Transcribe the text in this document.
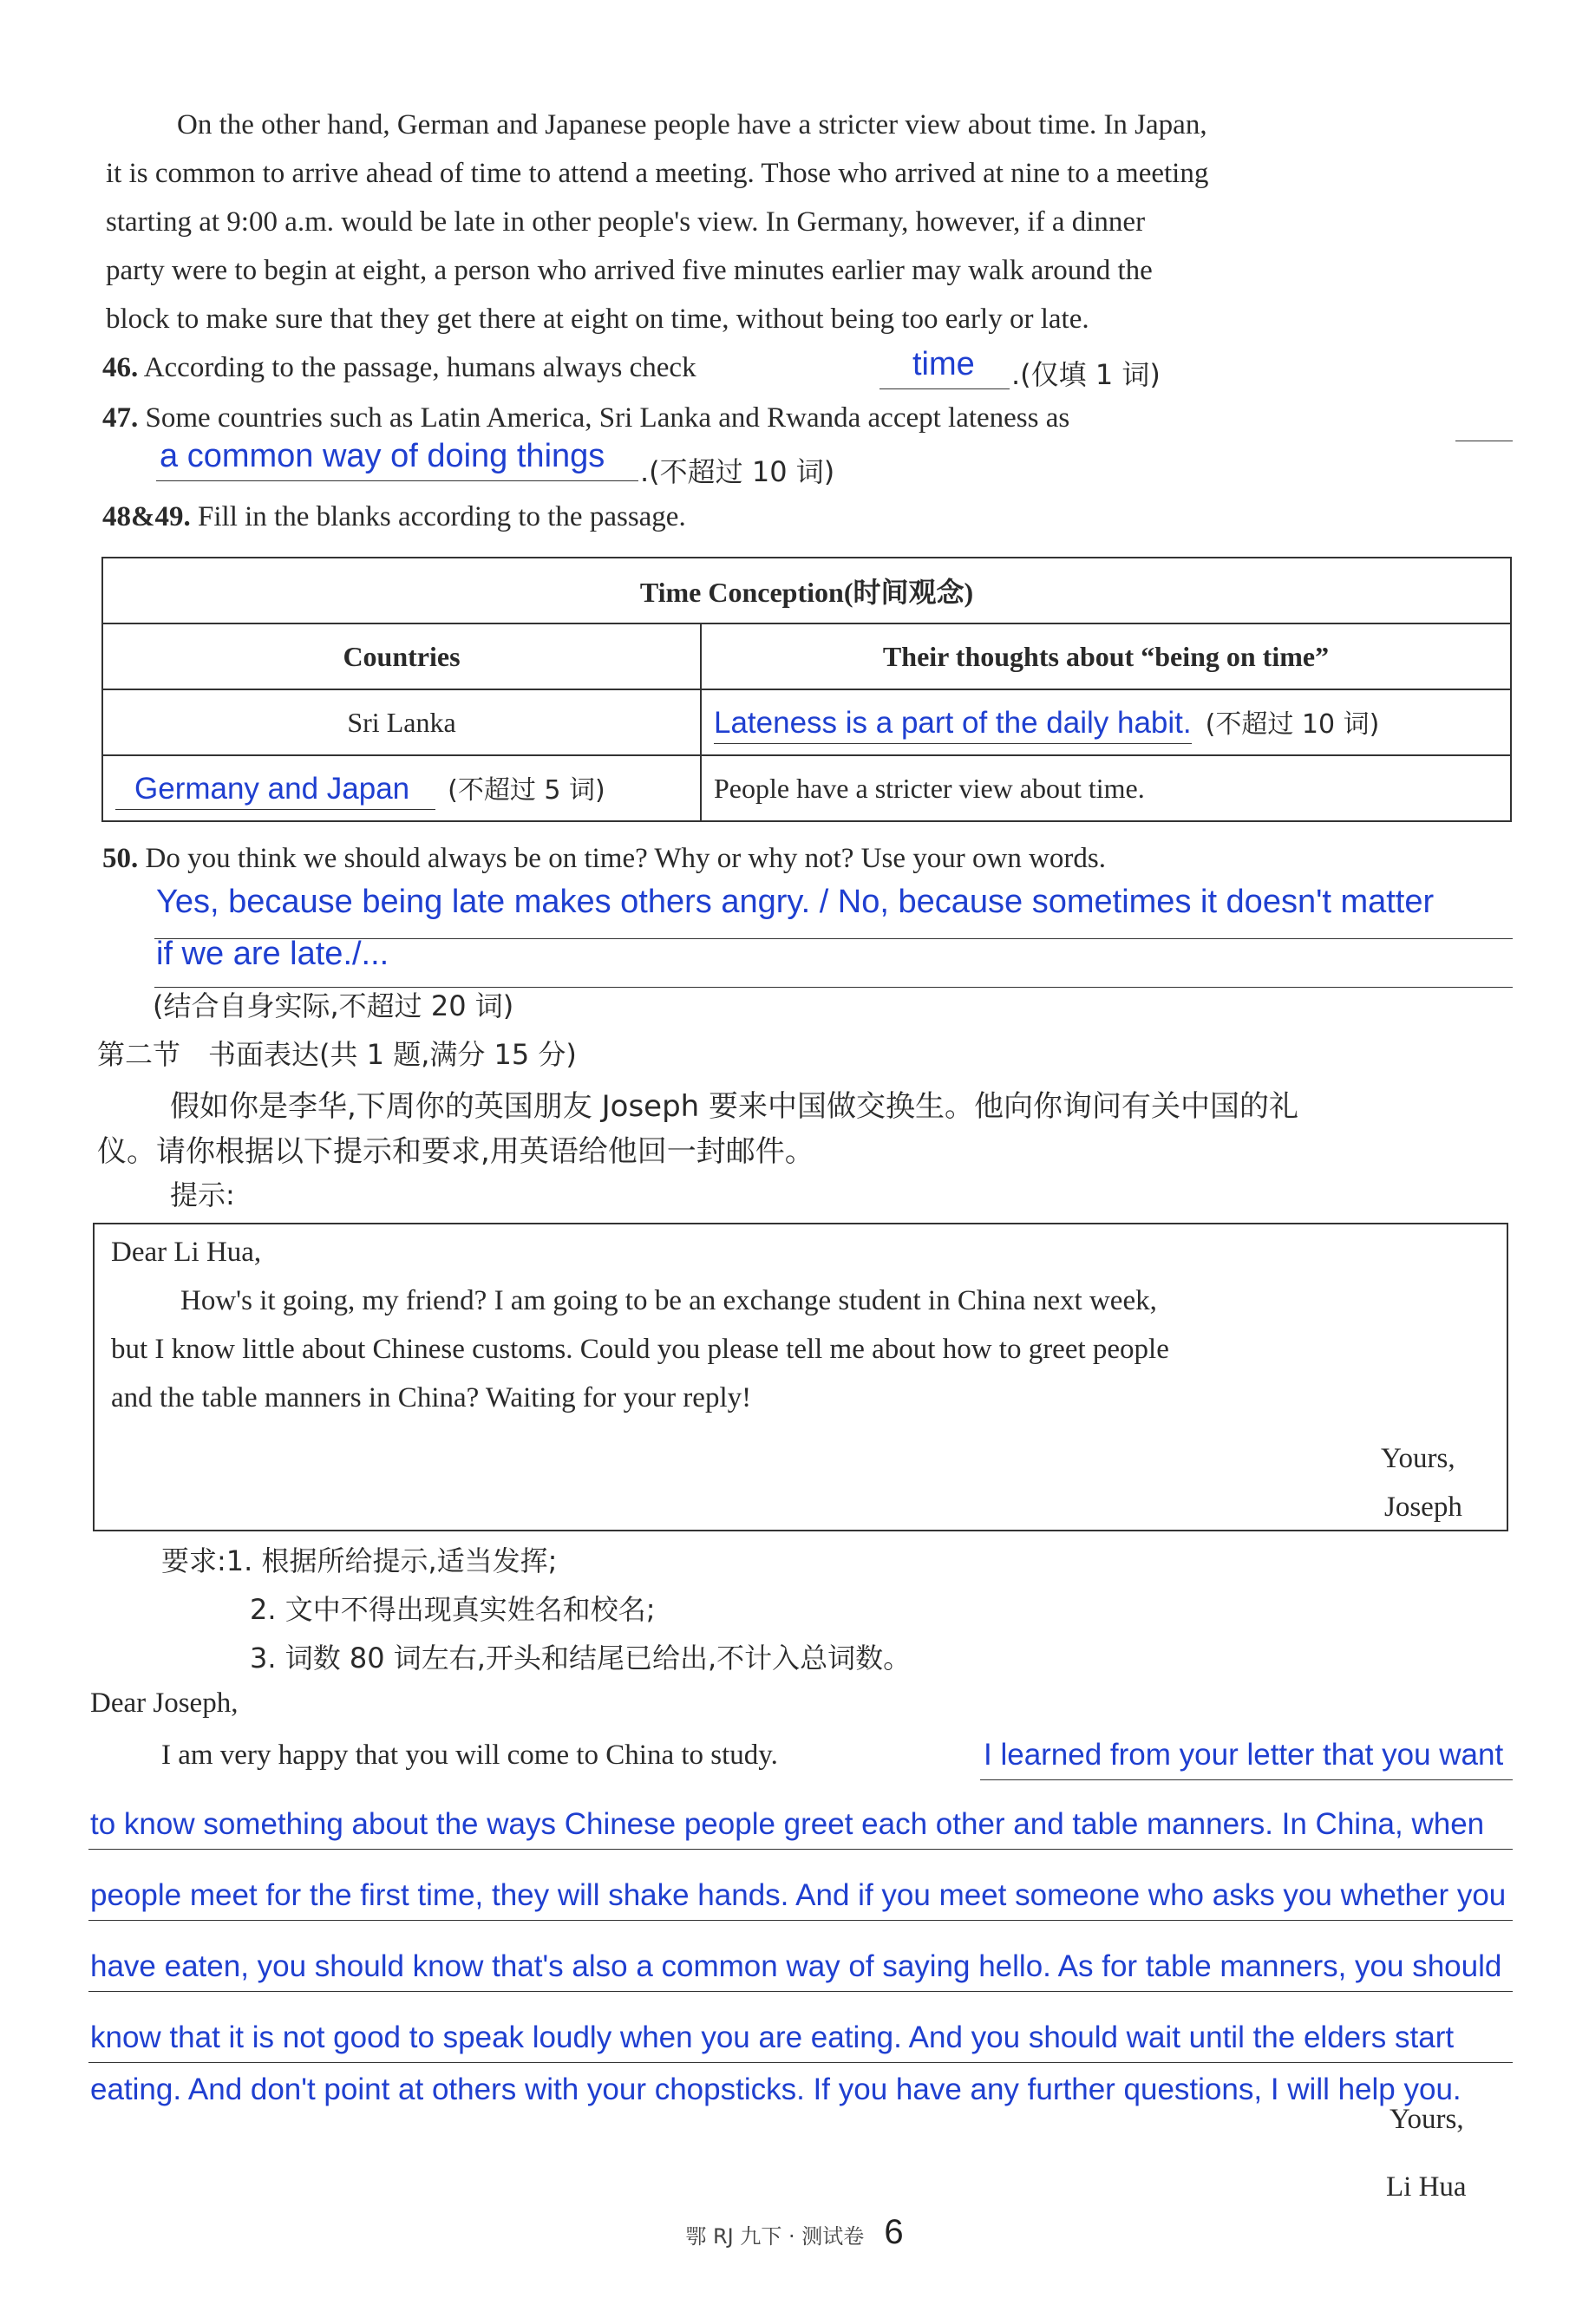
On the other hand, German and Japanese people have a stricter view about time. In Japan,
it is common to arrive ahead of time to attend a meeting. Those who arrived at nine to a meeting
starting at 9:00 a.m. would be late in other people's view. In Germany, however, if a dinner
party were to begin at eight, a person who arrived five minutes earlier may walk around the
block to make sure that they get there at eight on time, without being too early or late.
46. According to the passage, humans always check	time .(仅填 1 词)
47. Some countries such as Latin America, Sri Lanka and Rwanda accept lateness as
a common way of doing things .(不超过 10 词)
48&49. Fill in the blanks according to the passage.
Time Conception(时间观念)	
Countries	Their thoughts about “being on time”
Sri Lanka	Lateness is a part of the daily habit. (不超过 10 词)
Germany and Japan (不超过 5 词)	People have a stricter view about time.
50. Do you think we should always be on time? Why or why not? Use your own words.
Yes, because being late makes others angry. / No, because sometimes it doesn't matter
if we are late./...
(结合自身实际,不超过 20 词)
第二节　书面表达(共 1 题,满分 15 分)
假如你是李华,下周你的英国朋友 Joseph 要来中国做交换生。他向你询问有关中国的礼
仪。请你根据以下提示和要求,用英语给他回一封邮件。
提示:
Dear Li Hua,
How's it going, my friend? I am going to be an exchange student in China next week,
but I know little about Chinese customs. Could you please tell me about how to greet people
and the table manners in China? Waiting for your reply!
Yours,
Joseph
要求:1. 根据所给提示,适当发挥;
2. 文中不得出现真实姓名和校名;
3. 词数 80 词左右,开头和结尾已给出,不计入总词数。
Dear Joseph,
I am very happy that you will come to China to study.	I learned from your letter that you want
to know something about the ways Chinese people greet each other and table manners. In China, when
people meet for the first time, they will shake hands. And if you meet someone who asks you whether you
have eaten, you should know that's also a common way of saying hello. As for table manners, you should
know that it is not good to speak loudly when you are eating. And you should wait until the elders start
eating. And don't point at others with your chopsticks. If you have any further questions, I will help you.
Yours,
Li Hua
鄂 RJ 九下 · 测试卷 6
